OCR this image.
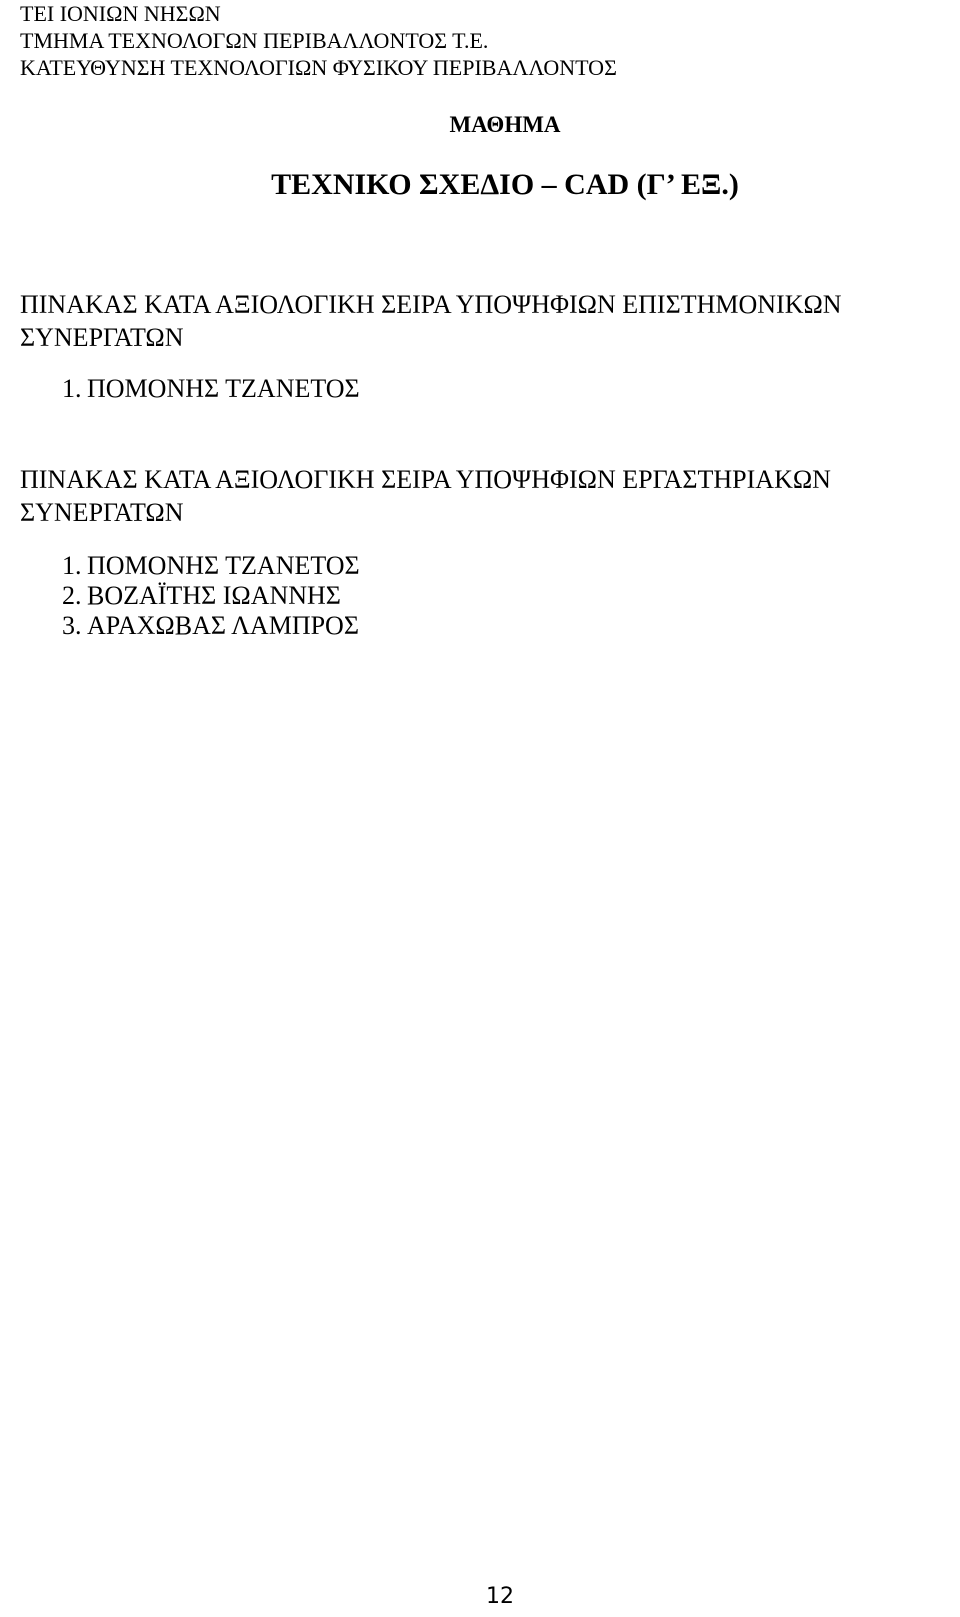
ΤΕΙ ΙΟΝΙΩΝ ΝΗΣΩΝ

ΤΜΗΜΑ ΤΕΧΝΟΛΟΓΩΝ ΠΕΡΙΒΑΛΛΟΝΤΟΣ Τ.Ε.

ΚΑΤΕΥΘΥΝΣΗ ΤΕΧΝΟΛΟΓΙΩΝ ΦΥΣΙΚΟΥ ΠΕΡΙΒΑΛΛΟΝΤΟΣ

ΜΑΘΗΜΑ

ΤΕΧΝΙΚΟ ΣΧΕΔΙΟ – CAD (Γ’ ΕΞ.)

ΠΙΝΑΚΑΣ ΚΑΤΑ ΑΞΙΟΛΟΓΙΚΗ ΣΕΙΡΑ ΥΠΟΨΗΦΙΩΝ ΕΠΙΣΤΗΜΟΝΙΚΩΝ ΣΥΝΕΡΓΑΤΩΝ

1. ΠΟΜΟΝΗΣ ΤΖΑΝΕΤΟΣ

ΠΙΝΑΚΑΣ ΚΑΤΑ ΑΞΙΟΛΟΓΙΚΗ ΣΕΙΡΑ ΥΠΟΨΗΦΙΩΝ ΕΡΓΑΣΤΗΡΙΑΚΩΝ ΣΥΝΕΡΓΑΤΩΝ

1. ΠΟΜΟΝΗΣ ΤΖΑΝΕΤΟΣ
2. ΒΟΖΑΪΤΗΣ ΙΩΑΝΝΗΣ
3. ΑΡΑΧΩΒΑΣ ΛΑΜΠΡΟΣ

12
